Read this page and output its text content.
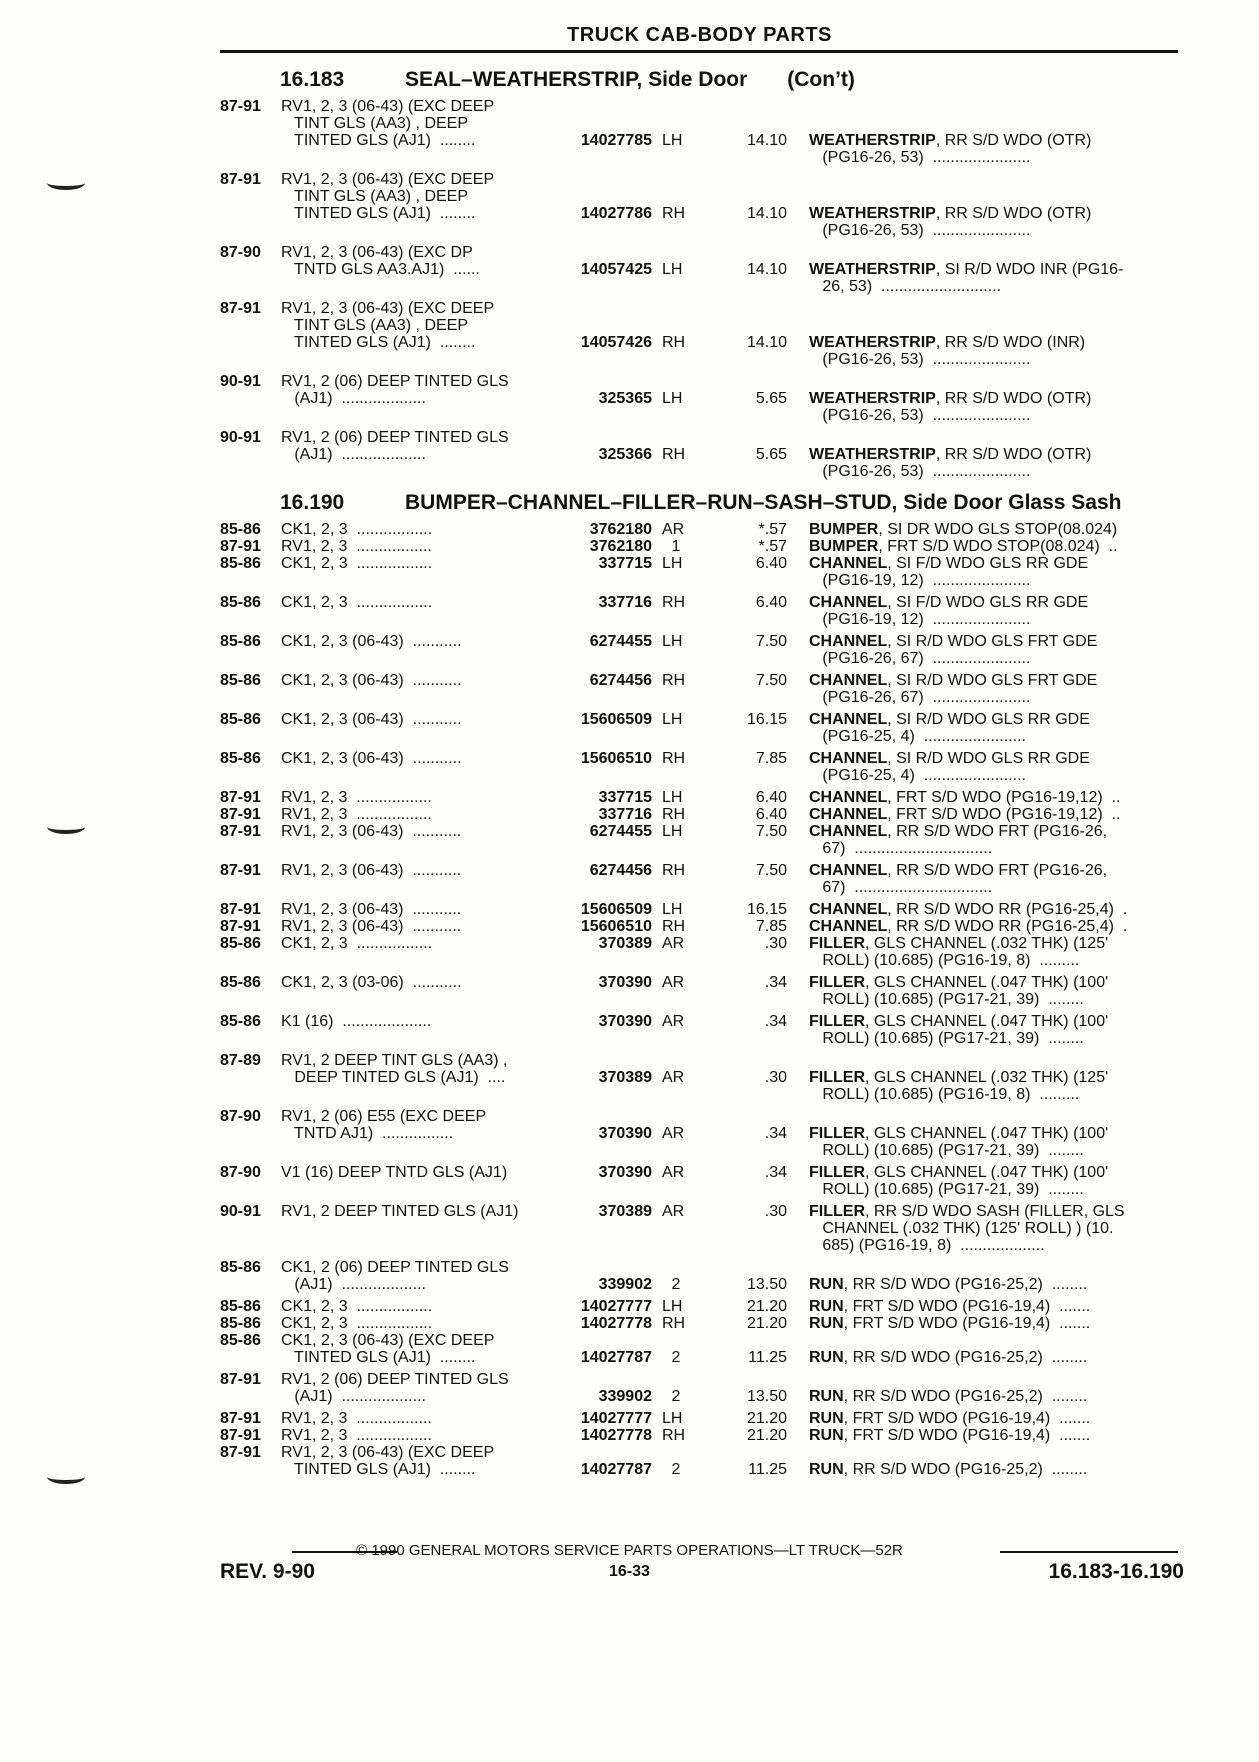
TRUCK CAB-BODY PARTS
16.183	SEAL–WEATHERSTRIP, Side Door (Con’t)
87-91 RV1, 2, 3 (06-43) (EXC DEEP
TINT GLS (AA3) , DEEP
TINTED GLS (AJ1)  ........	14027785 LH	14.10 WEATHERSTRIP, RR S/D WDO (OTR)
(PG16-26, 53)  ......................
87-91 RV1, 2, 3 (06-43) (EXC DEEP
TINT GLS (AA3) , DEEP
TINTED GLS (AJ1)  ........	14027786 RH	14.10 WEATHERSTRIP, RR S/D WDO (OTR)
(PG16-26, 53)  ......................
87-90 RV1, 2, 3 (06-43) (EXC DP
TNTD GLS AA3.AJ1)  ......	14057425 LH	14.10 WEATHERSTRIP, SI R/D WDO INR (PG16-
26, 53)  ...........................
87-91 RV1, 2, 3 (06-43) (EXC DEEP
TINT GLS (AA3) , DEEP
TINTED GLS (AJ1)  ........	14057426 RH	14.10 WEATHERSTRIP, RR S/D WDO (INR)
(PG16-26, 53)  ......................
90-91 RV1, 2 (06) DEEP TINTED GLS
(AJ1)  ...................	325365 LH	5.65 WEATHERSTRIP, RR S/D WDO (OTR)
(PG16-26, 53)  ......................
90-91 RV1, 2 (06) DEEP TINTED GLS
(AJ1)  ...................	325366 RH	5.65 WEATHERSTRIP, RR S/D WDO (OTR)
(PG16-26, 53)  ......................
16.190	BUMPER–CHANNEL–FILLER–RUN–SASH–STUD, Side Door Glass Sash
85-86 CK1, 2, 3  .................	3762180 AR	*.57 BUMPER, SI DR WDO GLS STOP(08.024)
87-91 RV1, 2, 3  .................	3762180	1	*.57 BUMPER, FRT S/D WDO STOP(08.024)  ..
85-86 CK1, 2, 3  .................	337715 LH	6.40 CHANNEL, SI F/D WDO GLS RR GDE
(PG16-19, 12)  ......................
85-86 CK1, 2, 3  .................	337716 RH	6.40 CHANNEL, SI F/D WDO GLS RR GDE
(PG16-19, 12)  ......................
85-86 CK1, 2, 3 (06-43)  ...........	6274455 LH	7.50 CHANNEL, SI R/D WDO GLS FRT GDE
(PG16-26, 67)  ......................
85-86 CK1, 2, 3 (06-43)  ...........	6274456 RH	7.50 CHANNEL, SI R/D WDO GLS FRT GDE
(PG16-26, 67)  ......................
85-86 CK1, 2, 3 (06-43)  ...........	15606509 LH	16.15 CHANNEL, SI R/D WDO GLS RR GDE
(PG16-25, 4)  .......................
85-86 CK1, 2, 3 (06-43)  ...........	15606510 RH	7.85 CHANNEL, SI R/D WDO GLS RR GDE
(PG16-25, 4)  .......................
87-91 RV1, 2, 3  .................	337715 LH	6.40 CHANNEL, FRT S/D WDO (PG16-19,12)  ..
87-91 RV1, 2, 3  .................	337716 RH	6.40 CHANNEL, FRT S/D WDO (PG16-19,12)  ..
87-91 RV1, 2, 3 (06-43)  ...........	6274455 LH	7.50 CHANNEL, RR S/D WDO FRT (PG16-26,
67)  ...............................
87-91 RV1, 2, 3 (06-43)  ...........	6274456 RH	7.50 CHANNEL, RR S/D WDO FRT (PG16-26,
67)  ...............................
87-91 RV1, 2, 3 (06-43)  ...........	15606509 LH	16.15 CHANNEL, RR S/D WDO RR (PG16-25,4)  .
87-91 RV1, 2, 3 (06-43)  ...........	15606510 RH	7.85 CHANNEL, RR S/D WDO RR (PG16-25,4)  .
85-86 CK1, 2, 3  .................	370389 AR	.30 FILLER, GLS CHANNEL (.032 THK) (125'
ROLL) (10.685) (PG16-19, 8)  .........
85-86 CK1, 2, 3 (03-06)  ...........	370390 AR	.34 FILLER, GLS CHANNEL (.047 THK) (100'
ROLL) (10.685) (PG17-21, 39)  ........
85-86 K1 (16)  ....................	370390 AR	.34 FILLER, GLS CHANNEL (.047 THK) (100'
ROLL) (10.685) (PG17-21, 39)  ........
87-89 RV1, 2 DEEP TINT GLS (AA3) ,
DEEP TINTED GLS (AJ1)  ....	370389 AR	.30 FILLER, GLS CHANNEL (.032 THK) (125'
ROLL) (10.685) (PG16-19, 8)  .........
87-90 RV1, 2 (06) E55 (EXC DEEP
TNTD AJ1)  ................	370390 AR	.34 FILLER, GLS CHANNEL (.047 THK) (100'
ROLL) (10.685) (PG17-21, 39)  ........
87-90 V1 (16) DEEP TNTD GLS (AJ1)	370390 AR	.34 FILLER, GLS CHANNEL (.047 THK) (100'
ROLL) (10.685) (PG17-21, 39)  ........
90-91 RV1, 2 DEEP TINTED GLS (AJ1)	370389 AR	.30 FILLER, RR S/D WDO SASH (FILLER, GLS
CHANNEL (.032 THK) (125' ROLL) ) (10.
685) (PG16-19, 8)  ...................
85-86 CK1, 2 (06) DEEP TINTED GLS
(AJ1)  ...................	339902	2	13.50 RUN, RR S/D WDO (PG16-25,2)  ........
85-86 CK1, 2, 3  .................	14027777 LH	21.20 RUN, FRT S/D WDO (PG16-19,4)  .......
85-86 CK1, 2, 3  .................	14027778 RH	21.20 RUN, FRT S/D WDO (PG16-19,4)  .......
85-86 CK1, 2, 3 (06-43) (EXC DEEP
TINTED GLS (AJ1)  ........	14027787	2	11.25 RUN, RR S/D WDO (PG16-25,2)  ........
87-91 RV1, 2 (06) DEEP TINTED GLS
(AJ1)  ...................	339902	2	13.50 RUN, RR S/D WDO (PG16-25,2)  ........
87-91 RV1, 2, 3  .................	14027777 LH	21.20 RUN, FRT S/D WDO (PG16-19,4)  .......
87-91 RV1, 2, 3  .................	14027778 RH	21.20 RUN, FRT S/D WDO (PG16-19,4)  .......
87-91 RV1, 2, 3 (06-43) (EXC DEEP
TINTED GLS (AJ1)  ........	14027787	2	11.25 RUN, RR S/D WDO (PG16-25,2)  ........
© 1990 GENERAL MOTORS SERVICE PARTS OPERATIONS—LT TRUCK—52R
REV. 9-90	16-33	16.183-16.190
